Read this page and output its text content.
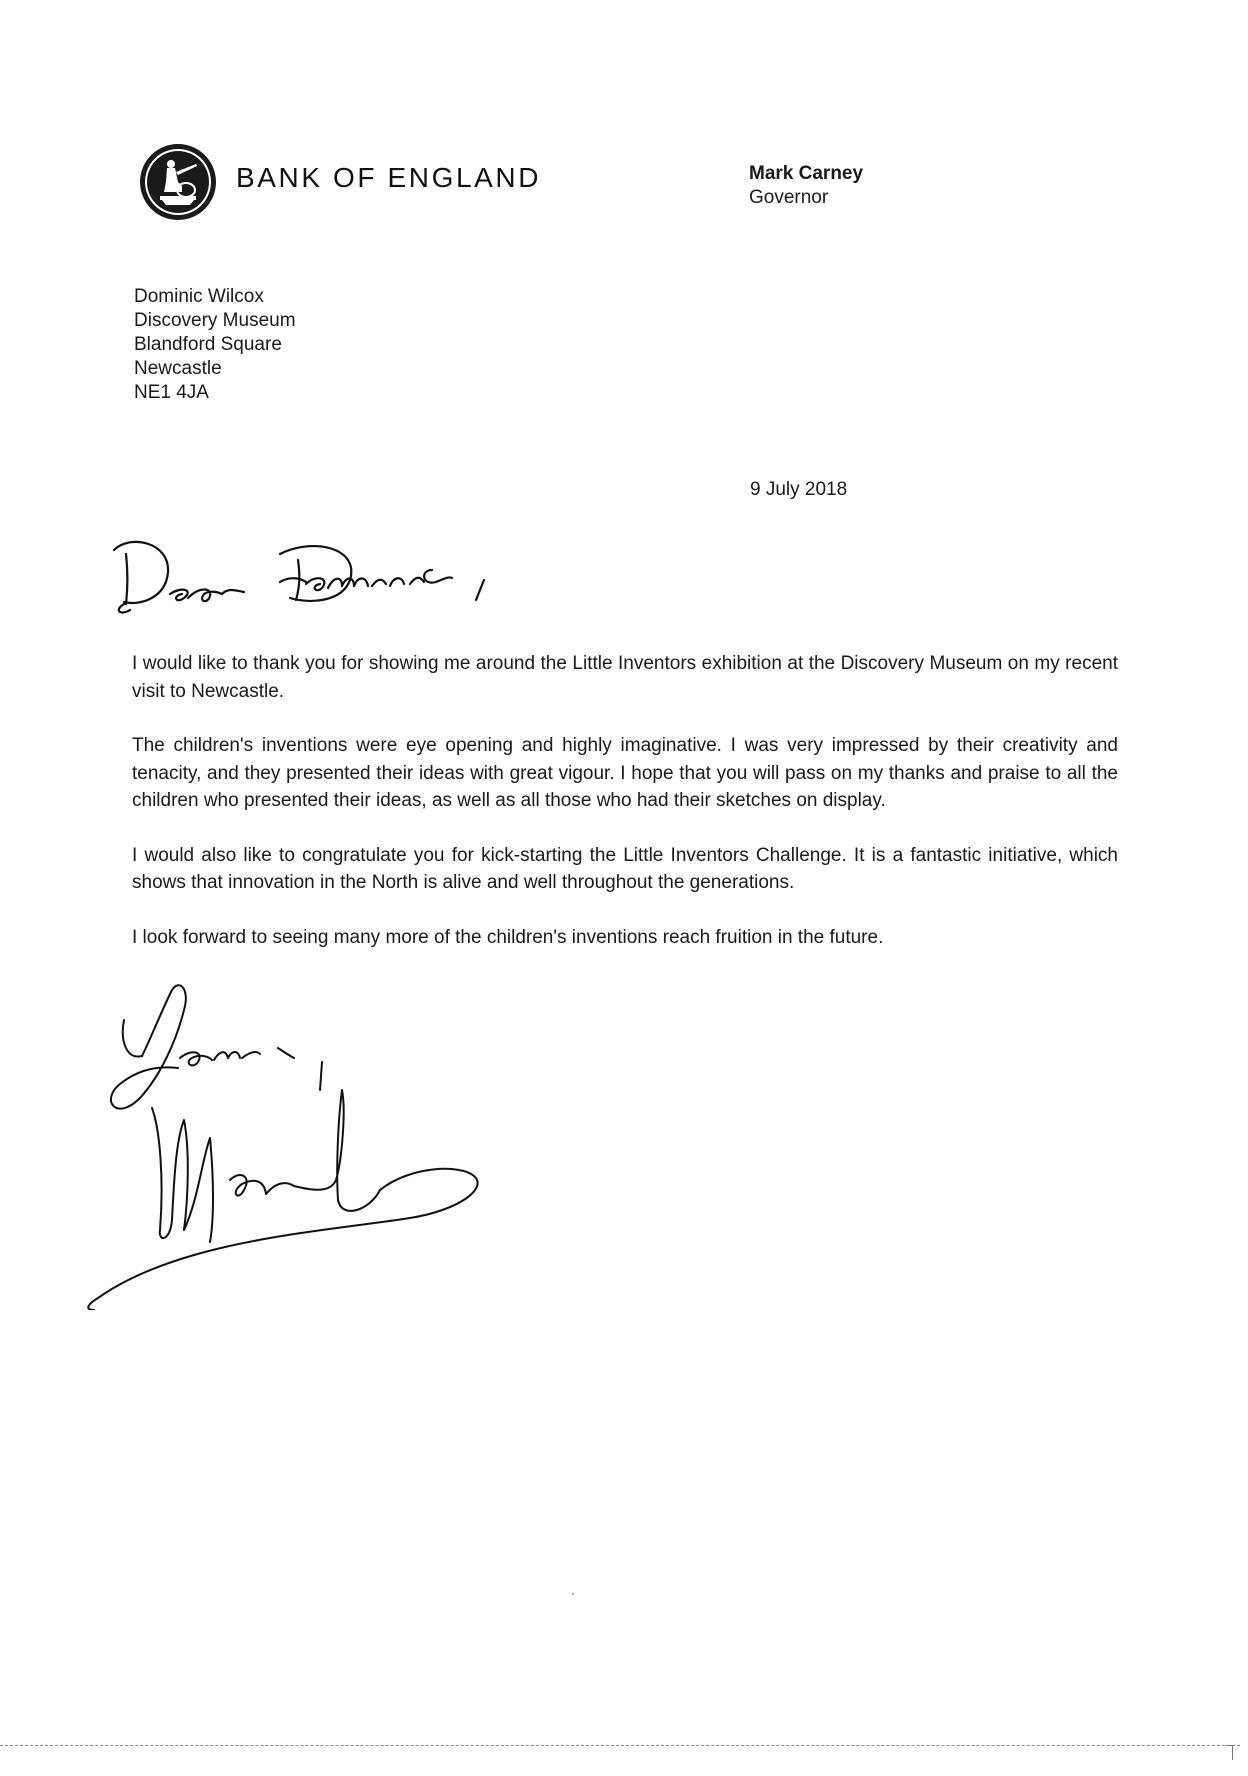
BANK OF ENGLAND	Mark Carney
Governor
Dominic Wilcox
Discovery Museum
Blandford Square
Newcastle
NE1 4JA
9 July 2018

I would like to thank you for showing me around the Little Inventors exhibition at the Discovery Museum on my recent visit to Newcastle.

The children's inventions were eye opening and highly imaginative. I was very impressed by their creativity and tenacity, and they presented their ideas with great vigour. I hope that you will pass on my thanks and praise to all the children who presented their ideas, as well as all those who had their sketches on display.

I would also like to congratulate you for kick-starting the Little Inventors Challenge. It is a fantastic initiative, which shows that innovation in the North is alive and well throughout the generations.

I look forward to seeing many more of the children's inventions reach fruition in the future.
